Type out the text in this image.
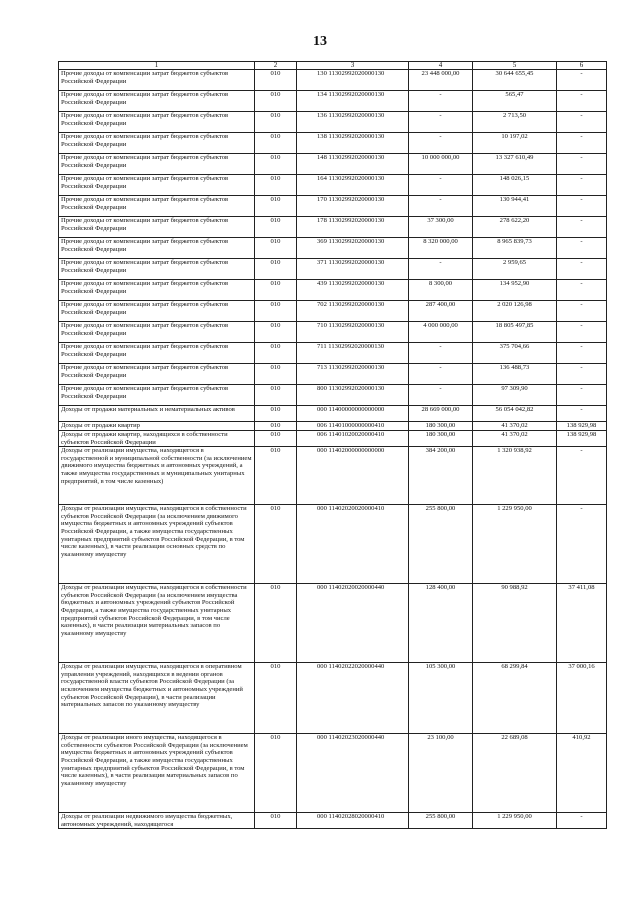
13
1	2	3	4	5	6
Прочие доходы от компенсации затрат бюджетов субъектов Российской Федерации	010	130 11302992020000130	23 448 000,00	30 644 655,45	-
Прочие доходы от компенсации затрат бюджетов субъектов Российской Федерации	010	134 11302992020000130	-	565,47	-
Прочие доходы от компенсации затрат бюджетов субъектов Российской Федерации	010	136 11302992020000130	-	2 713,50	-
Прочие доходы от компенсации затрат бюджетов субъектов Российской Федерации	010	138 11302992020000130	-	10 197,02	-
Прочие доходы от компенсации затрат бюджетов субъектов Российской Федерации	010	148 11302992020000130	10 000 000,00	13 327 610,49	-
Прочие доходы от компенсации затрат бюджетов субъектов Российской Федерации	010	164 11302992020000130	-	148 026,15	-
Прочие доходы от компенсации затрат бюджетов субъектов Российской Федерации	010	170 11302992020000130	-	130 944,41	-
Прочие доходы от компенсации затрат бюджетов субъектов Российской Федерации	010	178 11302992020000130	37 300,00	278 622,20	-
Прочие доходы от компенсации затрат бюджетов субъектов Российской Федерации	010	369 11302992020000130	8 320 000,00	8 965 839,73	-
Прочие доходы от компенсации затрат бюджетов субъектов Российской Федерации	010	371 11302992020000130	-	2 959,65	-
Прочие доходы от компенсации затрат бюджетов субъектов Российской Федерации	010	439 11302992020000130	8 300,00	134 952,90	-
Прочие доходы от компенсации затрат бюджетов субъектов Российской Федерации	010	702 11302992020000130	287 400,00	2 020 126,98	-
Прочие доходы от компенсации затрат бюджетов субъектов Российской Федерации	010	710 11302992020000130	4 000 000,00	18 805 497,85	-
Прочие доходы от компенсации затрат бюджетов субъектов Российской Федерации	010	711 11302992020000130	-	375 704,66	-
Прочие доходы от компенсации затрат бюджетов субъектов Российской Федерации	010	713 11302992020000130	-	136 488,73	-
Прочие доходы от компенсации затрат бюджетов субъектов Российской Федерации	010	800 11302992020000130	-	97 309,90	-
Доходы от продажи материальных и нематериальных активов	010	000 11400000000000000	28 669 000,00	56 054 042,82	-
Доходы от продажи квартир	010	006 11401000000000410	180 300,00	41 370,02	138 929,98
Доходы от продажи квартир, находящихся в собственности субъектов Российской Федерации	010	006 11401020020000410	180 300,00	41 370,02	138 929,98
Доходы от реализации имущества, находящегося в государственной и муниципальной собственности (за исключением движимого имущества бюджетных и автономных учреждений, а также имущества государственных и муниципальных унитарных предприятий, в том числе казенных)	010	000 11402000000000000	384 200,00	1 320 938,92	-
Доходы от реализации имущества, находящегося в собственности субъектов Российской Федерации (за исключением движимого имущества бюджетных и автономных учреждений субъектов Российской Федерации, а также имущества государственных унитарных предприятий субъектов Российской Федерации, в том числе казенных), в части реализации основных средств по указанному имуществу	010	000 11402020020000410	255 800,00	1 229 950,00	-
Доходы от реализации имущества, находящегося в собственности субъектов Российской Федерации (за исключением имущества бюджетных и автономных учреждений субъектов Российской Федерации, а также имущества государственных унитарных предприятий субъектов Российской Федерации, в том числе казенных), в части реализации материальных запасов по указанному имуществу	010	000 11402020020000440	128 400,00	90 988,92	37 411,08
Доходы от реализации имущества, находящегося в оперативном управлении учреждений, находящихся в ведении органов государственной власти субъектов Российской Федерации (за исключением имущества бюджетных и автономных учреждений субъектов Российской Федерации), в части реализации материальных запасов по указанному имуществу	010	000 11402022020000440	105 300,00	68 299,84	37 000,16
Доходы от реализации иного имущества, находящегося в собственности субъектов Российской Федерации (за исключением имущества бюджетных и автономных учреждений субъектов Российской Федерации, а также имущества государственных унитарных предприятий субъектов Российской Федерации, в том числе казенных), в части реализации материальных запасов по указанному имуществу	010	000 11402023020000440	23 100,00	22 689,08	410,92
Доходы от реализации недвижимого имущества бюджетных, автономных учреждений, находящегося	010	000 11402028020000410	255 800,00	1 229 950,00	-
